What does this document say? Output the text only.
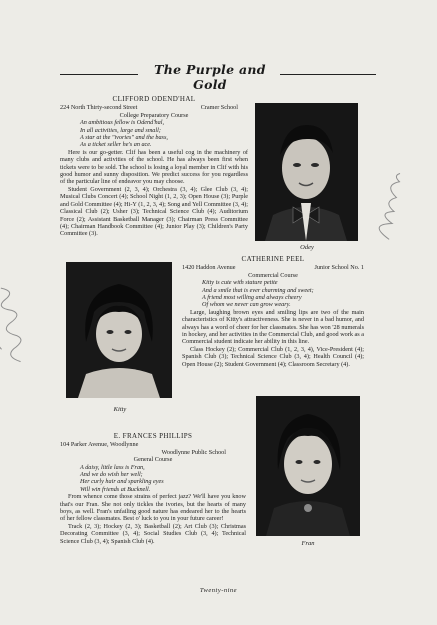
The Purple and Gold

CLIFFORD ODEND'HAL

224 North Thirty-second Street	Cramer School

College Preparatory Course

An ambitious fellow is Odend'hal,

In all activities, large and small;

A star at the "ivories" and the bass,

As a ticket seller he's an ace.

Here is our go-getter. Clif has been a useful cog in the machinery of many clubs and activities of the school. He has always been first when tickets were to be sold. The school is losing a loyal member in Clif with his good humor and sunny disposition. We predict success for you regardless of the particular line of endeavor you may choose.

Student Government (2, 3, 4); Orchestra (3, 4); Glee Club (3, 4); Musical Clubs Concert (4); School Night (1, 2, 3); Open House (3); Purple and Gold Committee (4); Hi-Y (1, 2, 3, 4); Song and Yell Committee (3, 4); Classical Club (2); Usher (3); Technical Science Club (4); Auditorium Force (2); Assistant Basketball Manager (3); Chairman Press Committee (4); Chairman Handbook Committee (4); Junior Play (3); Children's Party Committee (3).

Odey

CATHERINE PEEL

1420 Haddon Avenue	Junior School No. 1

Commercial Course

Kitty is cute with stature petite

And a smile that is ever charming and sweet;

A friend most willing and always cheery

Of whom we never can grow weary.

Large, laughing brown eyes and smiling lips are two of the main characteristics of Kitty's attractiveness. She is never in a bad humor, and always has a word of cheer for her classmates. She has won '28 numerals in hockey, and her activities in the Commercial Club, and good work as a Commercial student indicate her ability in this line.

Class Hockey (2); Commercial Club (1, 2, 3, 4), Vice-President (4); Spanish Club (3); Technical Science Club (3, 4); Health Council (4); Open House (2); Student Government (4); Classroom Secretary (4).

Kitty

E. FRANCES PHILLIPS

104 Parker Avenue, Woodlynne

Woodlynne Public School

General Course

A daisy, little lass is Fran,

And we do wish her well;

Her curly hair and sparkling eyes

Will win friends at Bucknell.

From whence come those strains of perfect jazz? We'll have you know that's our Fran. She not only tickles the ivories, but the hearts of many boys, as well. Fran's unfailing good nature has endeared her to the hearts of her fellow classmates. Best o' luck to you in your future career!

Track (2, 3); Hockey (2, 3); Basketball (2); Art Club (3); Christmas Decorating Committee (3, 4); Social Studies Club (3, 4); Technical Science Club (3, 4); Spanish Club (4).	Fran
Twenty-nine
